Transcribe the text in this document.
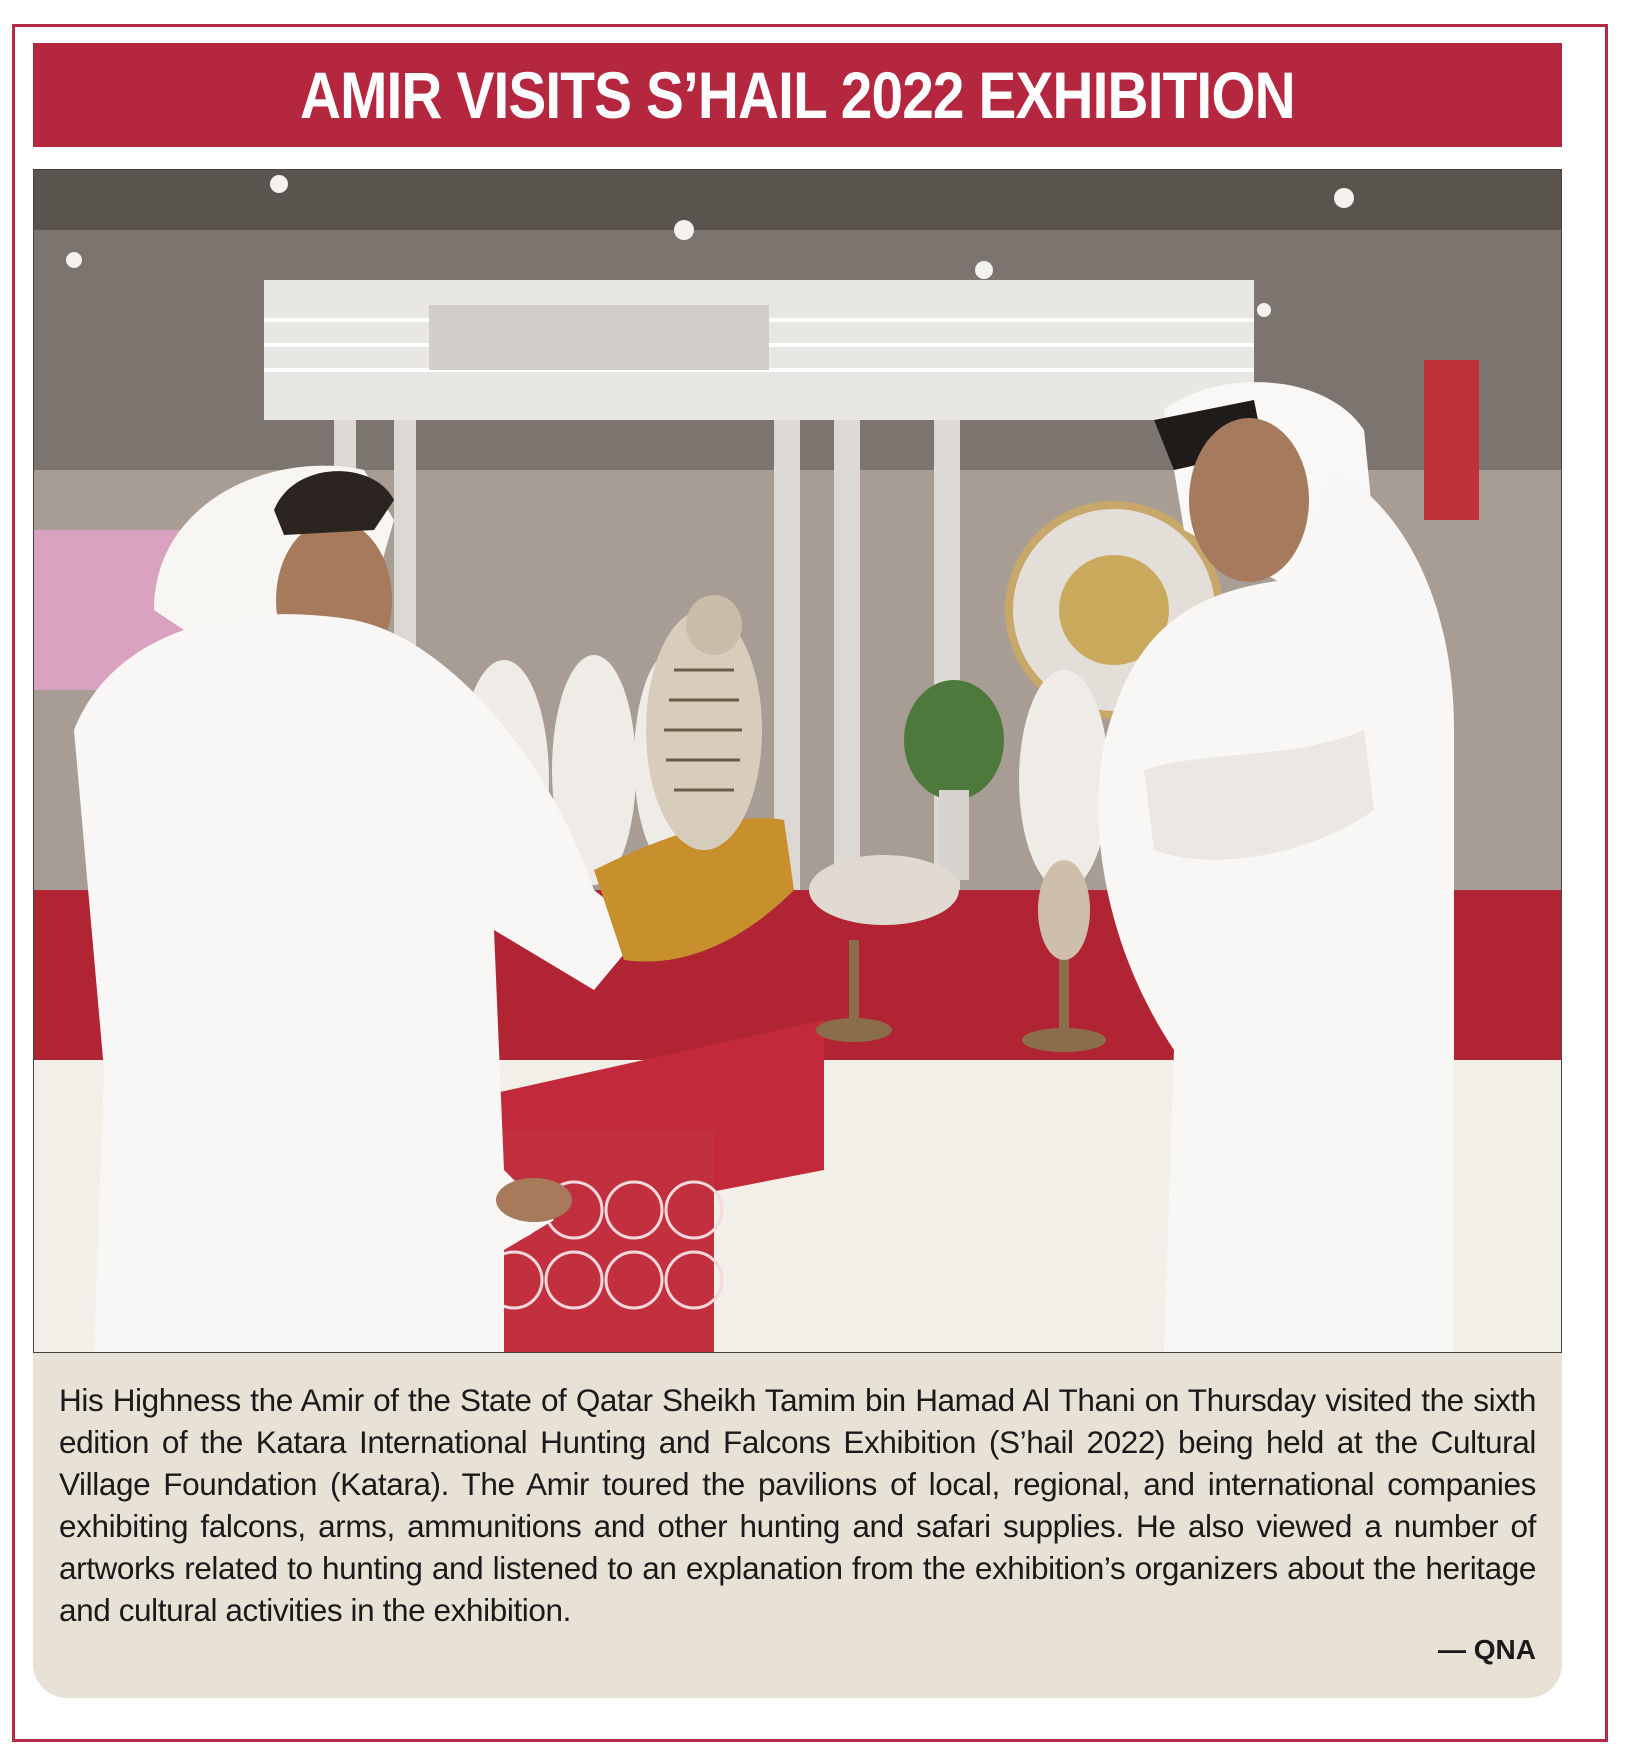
AMIR VISITS S’HAIL 2022 EXHIBITION

His Highness the Amir of the State of Qatar Sheikh Tamim bin Hamad Al Thani on Thursday visited the sixth edition of the Katara International Hunting and Falcons Exhibition (S’hail 2022) being held at the Cultural Village Foundation (Katara). The Amir toured the pavilions of local, regional, and international companies exhibiting falcons, arms, ammunitions and other hunting and safari supplies. He also viewed a number of artworks related to hunting and listened to an explanation from the exhibition’s organizers about the heritage and cultural activities in the exhibition.

— QNA
